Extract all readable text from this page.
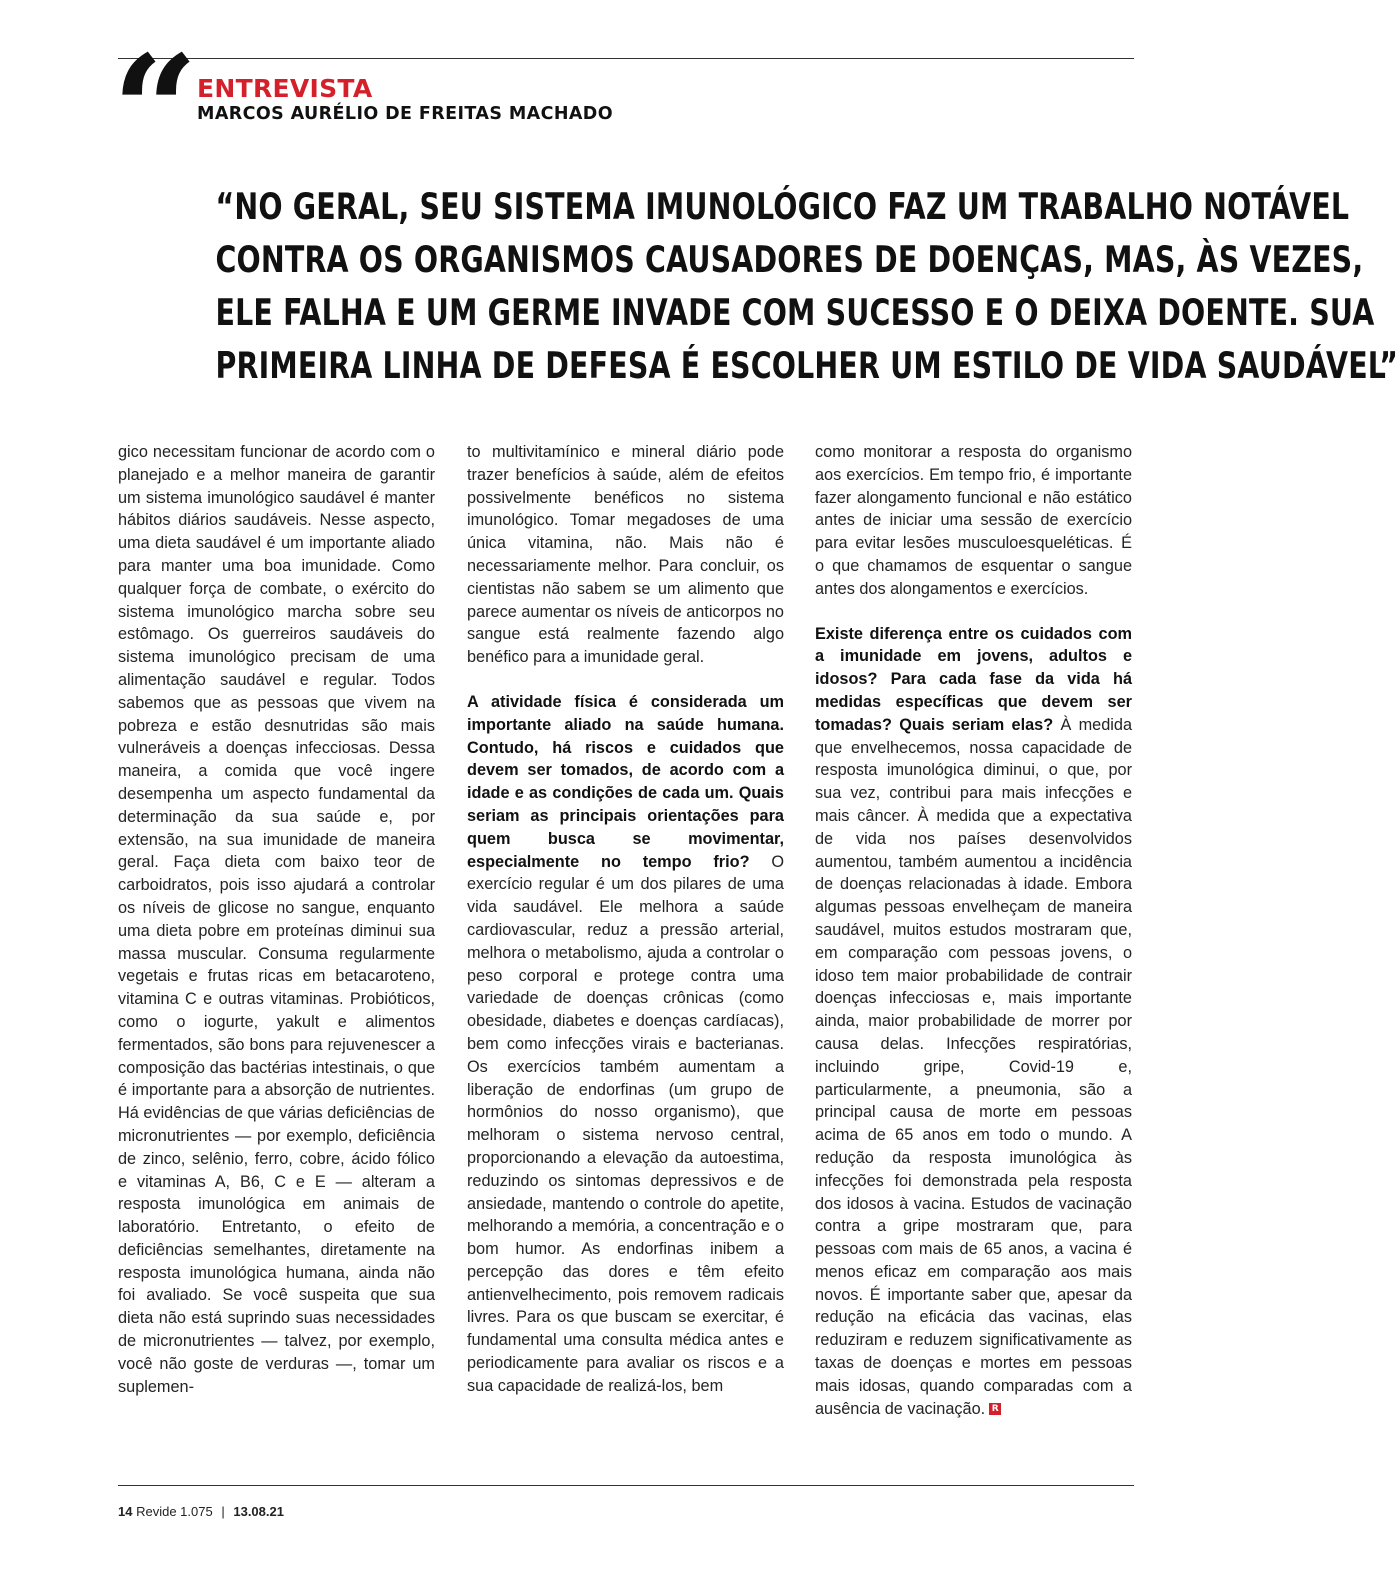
“ ENTREVISTA
MARCOS AURÉLIO DE FREITAS MACHADO
“NO GERAL, SEU SISTEMA IMUNOLÓGICO FAZ UM TRABALHO NOTÁVEL
CONTRA OS ORGANISMOS CAUSADORES DE DOENÇAS, MAS, ÀS VEZES,
ELE FALHA E UM GERME INVADE COM SUCESSO E O DEIXA DOENTE. SUA
PRIMEIRA LINHA DE DEFESA É ESCOLHER UM ESTILO DE VIDA SAUDÁVEL”

gico necessitam funcionar de acordo com o planejado e a melhor maneira de garantir um sistema imunológico saudável é manter hábitos diários saudáveis. Nesse aspecto, uma dieta saudável é um importante aliado para manter uma boa imunidade. Como qualquer força de combate, o exército do sistema imunológico marcha sobre seu estômago. Os guerreiros saudáveis do sistema imunológico precisam de uma alimentação saudável e regular. Todos sabemos que as pessoas que vivem na pobreza e estão desnutridas são mais vulneráveis a doenças infecciosas. Dessa maneira, a comida que você ingere desempenha um aspecto fundamental da determinação da sua saúde e, por extensão, na sua imunidade de maneira geral. Faça dieta com baixo teor de carboidratos, pois isso ajudará a controlar os níveis de glicose no sangue, enquanto uma dieta pobre em proteínas diminui sua massa muscular. Consuma regularmente vegetais e frutas ricas em betacaroteno, vitamina C e outras vitaminas. Probióticos, como o iogurte, yakult e alimentos fermentados, são bons para rejuvenescer a composição das bactérias intestinais, o que é importante para a absorção de nutrientes. Há evidências de que várias deficiências de micronutrientes — por exemplo, deficiência de zinco, selênio, ferro, cobre, ácido fólico e vitaminas A, B6, C e E — alteram a resposta imunológica em animais de laboratório. Entretanto, o efeito de deficiências semelhantes, diretamente na resposta imunológica humana, ainda não foi avaliado. Se você suspeita que sua dieta não está suprindo suas necessidades de micronutrientes — talvez, por exemplo, você não goste de verduras —, tomar um suplemen-

to multivitamínico e mineral diário pode trazer benefícios à saúde, além de efeitos possivelmente benéficos no sistema imunológico. Tomar megadoses de uma única vitamina, não. Mais não é necessariamente melhor. Para concluir, os cientistas não sabem se um alimento que parece aumentar os níveis de anticorpos no sangue está realmente fazendo algo benéfico para a imunidade geral.

A atividade física é considerada um importante aliado na saúde humana. Contudo, há riscos e cuidados que devem ser tomados, de acordo com a idade e as condições de cada um. Quais seriam as principais orientações para quem busca se movimentar, especialmente no tempo frio? O exercício regular é um dos pilares de uma vida saudável. Ele melhora a saúde cardiovascular, reduz a pressão arterial, melhora o metabolismo, ajuda a controlar o peso corporal e protege contra uma variedade de doenças crônicas (como obesidade, diabetes e doenças cardíacas), bem como infecções virais e bacterianas. Os exercícios também aumentam a liberação de endorfinas (um grupo de hormônios do nosso organismo), que melhoram o sistema nervoso central, proporcionando a elevação da autoestima, reduzindo os sintomas depressivos e de ansiedade, mantendo o controle do apetite, melhorando a memória, a concentração e o bom humor. As endorfinas inibem a percepção das dores e têm efeito antienvelhecimento, pois removem radicais livres. Para os que buscam se exercitar, é fundamental uma consulta médica antes e periodicamente para avaliar os riscos e a sua capacidade de realizá-los, bem

como monitorar a resposta do organismo aos exercícios. Em tempo frio, é importante fazer alongamento funcional e não estático antes de iniciar uma sessão de exercício para evitar lesões musculoesqueléticas. É o que chamamos de esquentar o sangue antes dos alongamentos e exercícios.

Existe diferença entre os cuidados com a imunidade em jovens, adultos e idosos? Para cada fase da vida há medidas específicas que devem ser tomadas? Quais seriam elas? À medida que envelhecemos, nossa capacidade de resposta imunológica diminui, o que, por sua vez, contribui para mais infecções e mais câncer. À medida que a expectativa de vida nos países desenvolvidos aumentou, também aumentou a incidência de doenças relacionadas à idade. Embora algumas pessoas envelheçam de maneira saudável, muitos estudos mostraram que, em comparação com pessoas jovens, o idoso tem maior probabilidade de contrair doenças infecciosas e, mais importante ainda, maior probabilidade de morrer por causa delas. Infecções respiratórias, incluindo gripe, Covid-19 e, particularmente, a pneumonia, são a principal causa de morte em pessoas acima de 65 anos em todo o mundo. A redução da resposta imunológica às infecções foi demonstrada pela resposta dos idosos à vacina. Estudos de vacinação contra a gripe mostraram que, para pessoas com mais de 65 anos, a vacina é menos eficaz em comparação aos mais novos. É importante saber que, apesar da redução na eficácia das vacinas, elas reduziram e reduzem significativamente as taxas de doenças e mortes em pessoas mais idosas, quando comparadas com a ausência de vacinação. R

14 Revide 1.075 | 13.08.21
